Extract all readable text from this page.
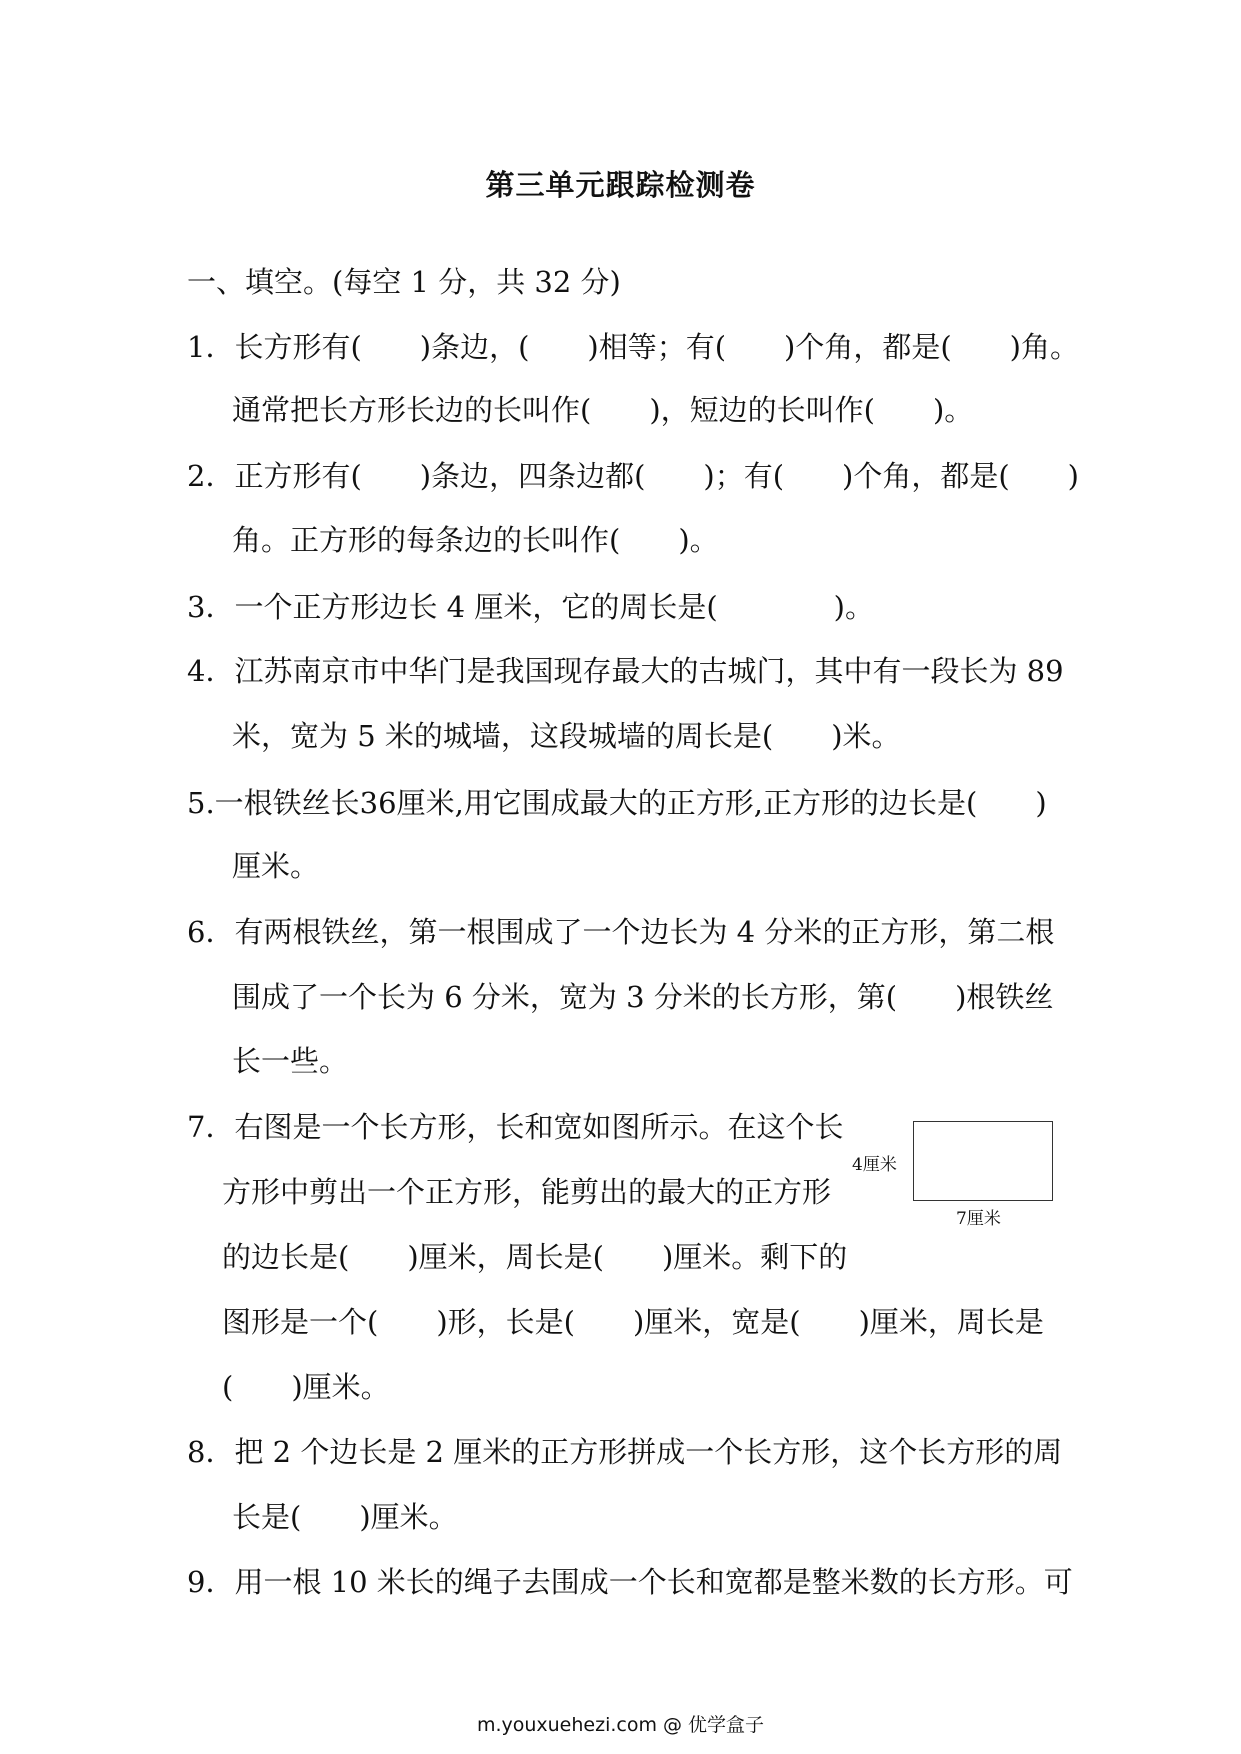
第三单元跟踪检测卷
一、填空。(每空 1 分，共 32 分)
1．长方形有(　　)条边，(　　)相等；有(　　)个角，都是(　　)角。
通常把长方形长边的长叫作(　　)，短边的长叫作(　　)。
2．正方形有(　　)条边，四条边都(　　)；有(　　)个角，都是(　　)
角。正方形的每条边的长叫作(　　)。
3．一个正方形边长 4 厘米，它的周长是(　　　　)。
4．江苏南京市中华门是我国现存最大的古城门，其中有一段长为 89
米，宽为 5 米的城墙，这段城墙的周长是(　　)米。
5.一根铁丝长36厘米,用它围成最大的正方形,正方形的边长是(　　)
厘米。
6．有两根铁丝，第一根围成了一个边长为 4 分米的正方形，第二根
围成了一个长为 6 分米，宽为 3 分米的长方形，第(　　)根铁丝
长一些。
7．右图是一个长方形，长和宽如图所示。在这个长
方形中剪出一个正方形，能剪出的最大的正方形
的边长是(　　)厘米，周长是(　　)厘米。剩下的
图形是一个(　　)形，长是(　　)厘米，宽是(　　)厘米，周长是
(　　)厘米。
4厘米
7厘米
8．把 2 个边长是 2 厘米的正方形拼成一个长方形，这个长方形的周
长是(　　)厘米。
9．用一根 10 米长的绳子去围成一个长和宽都是整米数的长方形。可
m.youxuehezi.com @ 优学盒子
